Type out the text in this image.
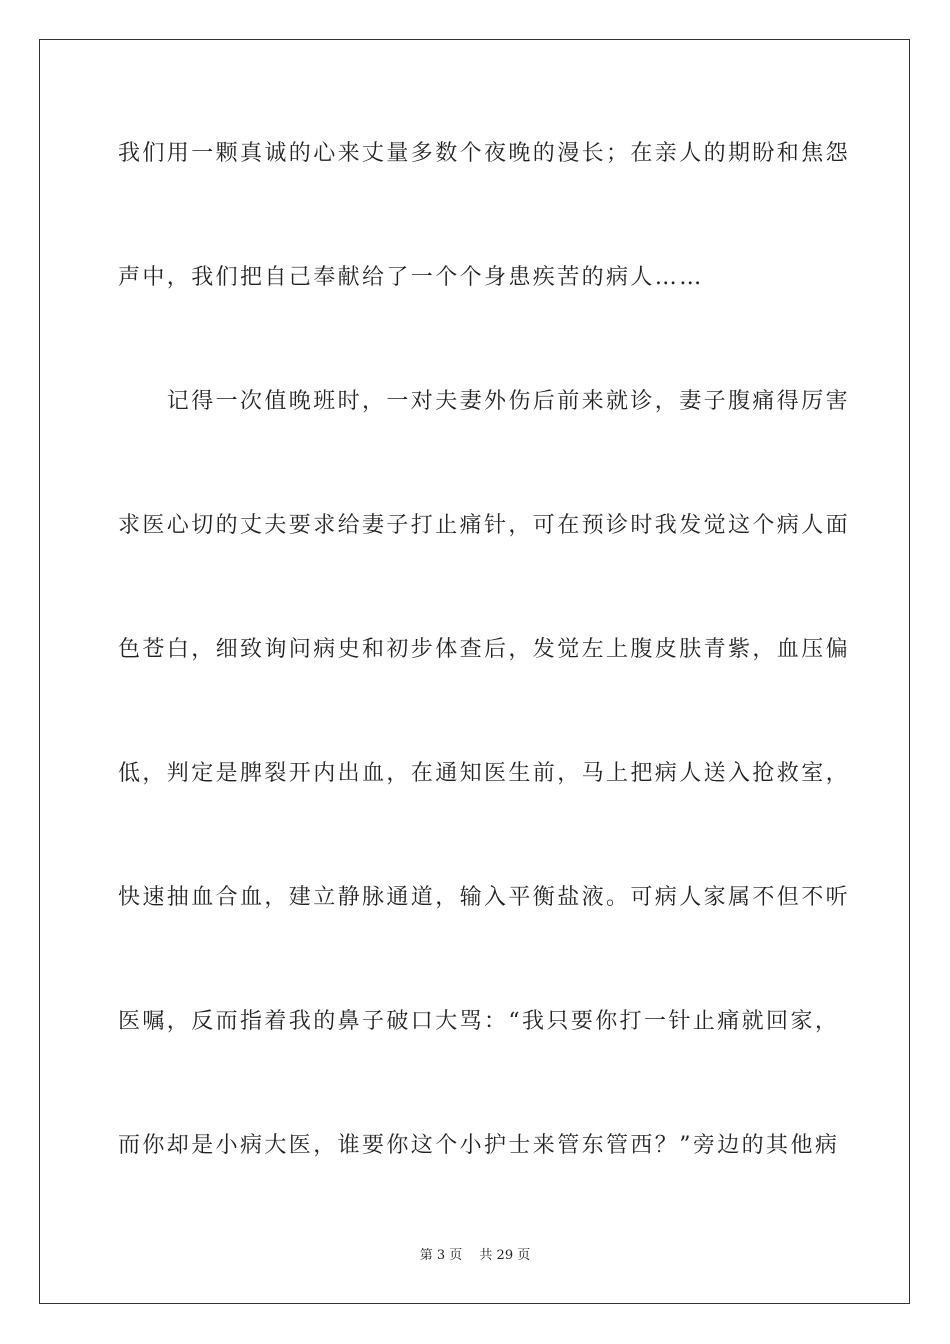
我们用一颗真诚的心来丈量多数个夜晚的漫长；在亲人的期盼和焦怨
声中，我们把自己奉献给了一个个身患疾苦的病人……
　　记得一次值晚班时，一对夫妻外伤后前来就诊，妻子腹痛得厉害
求医心切的丈夫要求给妻子打止痛针，可在预诊时我发觉这个病人面
色苍白，细致询问病史和初步体查后，发觉左上腹皮肤青紫，血压偏
低，判定是脾裂开内出血，在通知医生前，马上把病人送入抢救室，
快速抽血合血，建立静脉通道，输入平衡盐液。可病人家属不但不听
医嘱，反而指着我的鼻子破口大骂：“我只要你打一针止痛就回家，
而你却是小病大医，谁要你这个小护士来管东管西？”旁边的其他病
第 3 页　 共 29 页
